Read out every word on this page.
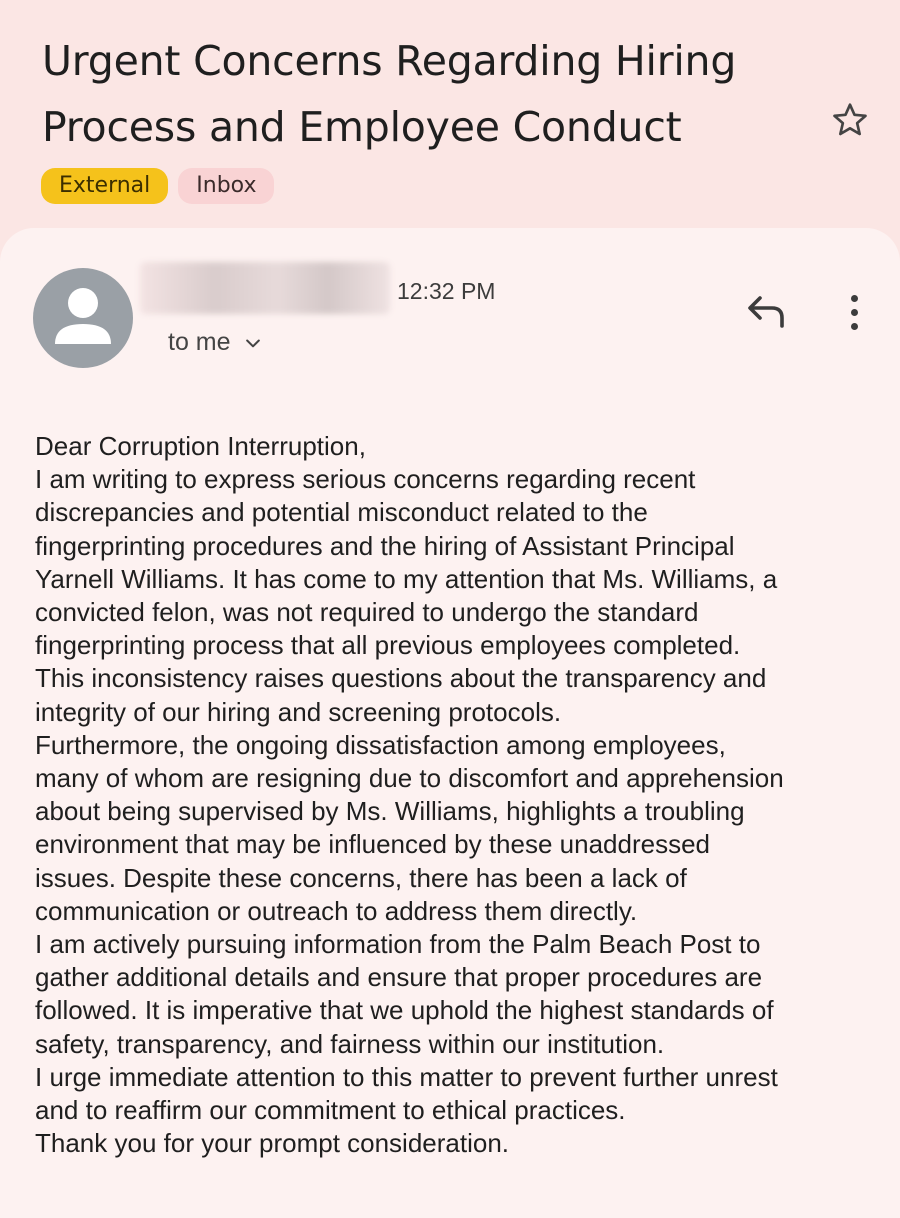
Urgent Concerns Regarding Hiring
Process and Employee Conduct
External	Inbox
12:32 PM
to me

Dear Corruption Interruption,

I am writing to express serious concerns regarding recent

discrepancies and potential misconduct related to the

fingerprinting procedures and the hiring of Assistant Principal

Yarnell Williams. It has come to my attention that Ms. Williams, a

convicted felon, was not required to undergo the standard

fingerprinting process that all previous employees completed.

This inconsistency raises questions about the transparency and

integrity of our hiring and screening protocols.

Furthermore, the ongoing dissatisfaction among employees,

many of whom are resigning due to discomfort and apprehension

about being supervised by Ms. Williams, highlights a troubling

environment that may be influenced by these unaddressed

issues. Despite these concerns, there has been a lack of

communication or outreach to address them directly.

I am actively pursuing information from the Palm Beach Post to

gather additional details and ensure that proper procedures are

followed. It is imperative that we uphold the highest standards of

safety, transparency, and fairness within our institution.

I urge immediate attention to this matter to prevent further unrest

and to reaffirm our commitment to ethical practices.

Thank you for your prompt consideration.
